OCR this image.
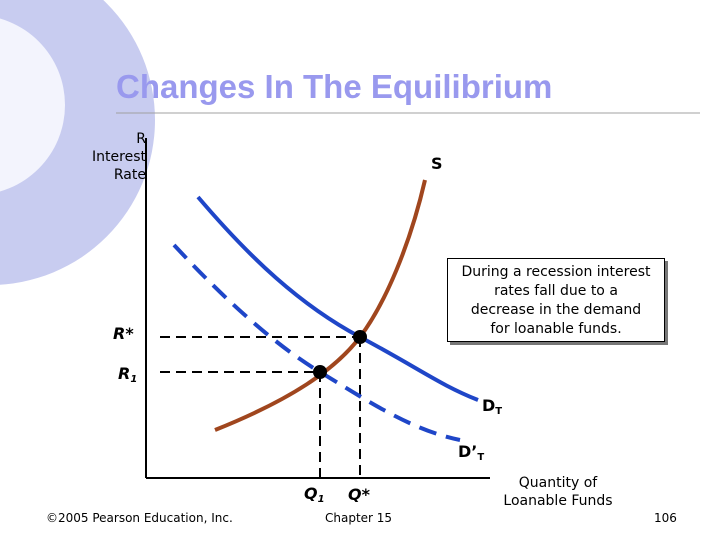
Changes In The Equilibrium
R
Interest
Rate
S
$D_T$
$D’_T$
R*
$R_1$
$Q_1$ Q*
During a recession interest
rates fall due to a
decrease in the demand
for loanable funds.
Quantity of
Loanable Funds
©2005 Pearson Education, Inc.	Chapter 15	106
